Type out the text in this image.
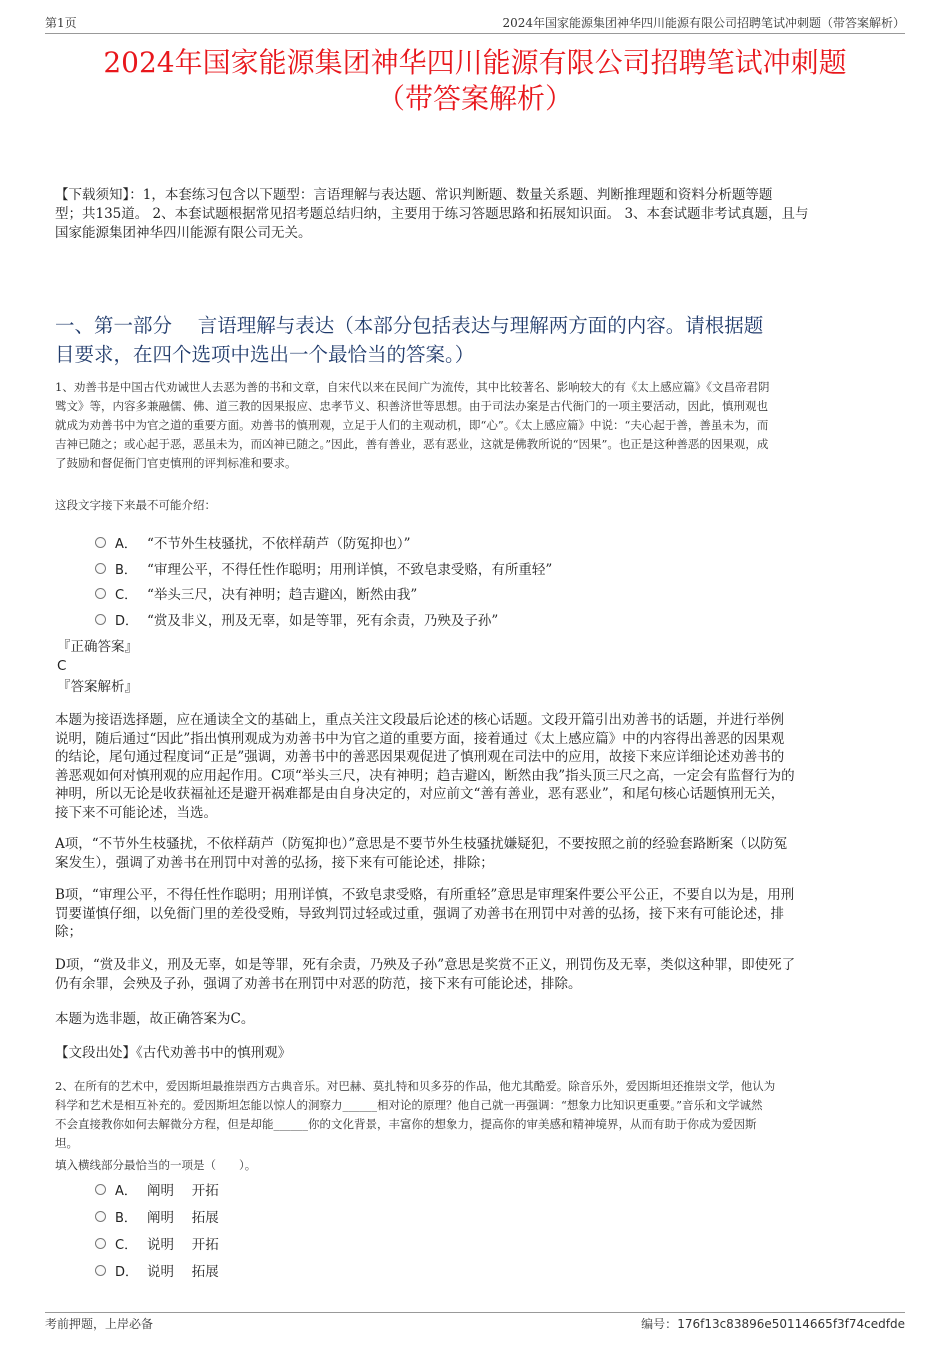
第1页	2024年国家能源集团神华四川能源有限公司招聘笔试冲刺题（带答案解析）
2024年国家能源集团神华四川能源有限公司招聘笔试冲刺题
（带答案解析）
【下载须知】：1，本套练习包含以下题型：言语理解与表达题、常识判断题、数量关系题、判断推理题和资料分析题等题
型；共135道。 2、本套试题根据常见招考题总结归纳，主要用于练习答题思路和拓展知识面。 3、本套试题非考试真题，且与
国家能源集团神华四川能源有限公司无关。
一、第一部分　 言语理解与表达（本部分包括表达与理解两方面的内容。请根据题
目要求，在四个选项中选出一个最恰当的答案。）
1、劝善书是中国古代劝诫世人去恶为善的书和文章，自宋代以来在民间广为流传，其中比较著名、影响较大的有《太上感应篇》《文昌帝君阴
骘文》等，内容多兼融儒、佛、道三教的因果报应、忠孝节义、积善济世等思想。由于司法办案是古代衙门的一项主要活动，因此，慎刑观也
就成为劝善书中为官之道的重要方面。劝善书的慎刑观，立足于人们的主观动机，即“心”。《太上感应篇》中说：“夫心起于善，善虽未为，而
吉神已随之；或心起于恶，恶虽未为，而凶神已随之。”因此，善有善业，恶有恶业，这就是佛教所说的“因果”。也正是这种善恶的因果观，成
了鼓励和督促衙门官吏慎刑的评判标准和要求。
这段文字接下来最不可能介绍：
A． “不节外生枝骚扰，不依样葫芦（防冤抑也）”
B． “审理公平，不得任性作聪明；用刑详慎，不致皂隶受赂，有所重轻”
C． “举头三尺，决有神明；趋吉避凶，断然由我”
D． “赏及非义，刑及无辜，如是等罪，死有余责，乃殃及子孙”
『正确答案』
C
『答案解析』
本题为接语选择题，应在通读全文的基础上，重点关注文段最后论述的核心话题。文段开篇引出劝善书的话题，并进行举例
说明，随后通过“因此”指出慎刑观成为劝善书中为官之道的重要方面，接着通过《太上感应篇》中的内容得出善恶的因果观
的结论，尾句通过程度词“正是”强调，劝善书中的善恶因果观促进了慎刑观在司法中的应用，故接下来应详细论述劝善书的
善恶观如何对慎刑观的应用起作用。C项“举头三尺，决有神明；趋吉避凶，断然由我”指头顶三尺之高，一定会有监督行为的
神明，所以无论是收获福祉还是避开祸难都是由自身决定的，对应前文“善有善业，恶有恶业”，和尾句核心话题慎刑无关，
接下来不可能论述，当选。
A项，“不节外生枝骚扰，不依样葫芦（防冤抑也）”意思是不要节外生枝骚扰嫌疑犯，不要按照之前的经验套路断案（以防冤
案发生），强调了劝善书在刑罚中对善的弘扬，接下来有可能论述，排除；
B项，“审理公平，不得任性作聪明；用刑详慎，不致皂隶受赂，有所重轻”意思是审理案件要公平公正，不要自以为是，用刑
罚要谨慎仔细，以免衙门里的差役受贿，导致判罚过轻或过重，强调了劝善书在刑罚中对善的弘扬，接下来有可能论述，排
除；
D项，“赏及非义，刑及无辜，如是等罪，死有余责，乃殃及子孙”意思是奖赏不正义，刑罚伤及无辜，类似这种罪，即使死了
仍有余罪，会殃及子孙，强调了劝善书在刑罚中对恶的防范，接下来有可能论述，排除。
本题为选非题，故正确答案为C。
【文段出处】《古代劝善书中的慎刑观》
2、在所有的艺术中，爱因斯坦最推崇西方古典音乐。对巴赫、莫扎特和贝多芬的作品，他尤其酷爱。除音乐外，爱因斯坦还推崇文学，他认为
科学和艺术是相互补充的。爱因斯坦怎能以惊人的洞察力______相对论的原理？他自己就一再强调：“想象力比知识更重要。”音乐和文学诚然
不会直接教你如何去解微分方程，但是却能______你的文化背景，丰富你的想象力，提高你的审美感和精神境界，从而有助于你成为爱因斯
坦。
填入横线部分最恰当的一项是（　　）。
A． 阐明　 开拓
B． 阐明　 拓展
C． 说明　 开拓
D． 说明　 拓展
考前押题，上岸必备	编号：176f13c83896e50114665f3f74cedfde
